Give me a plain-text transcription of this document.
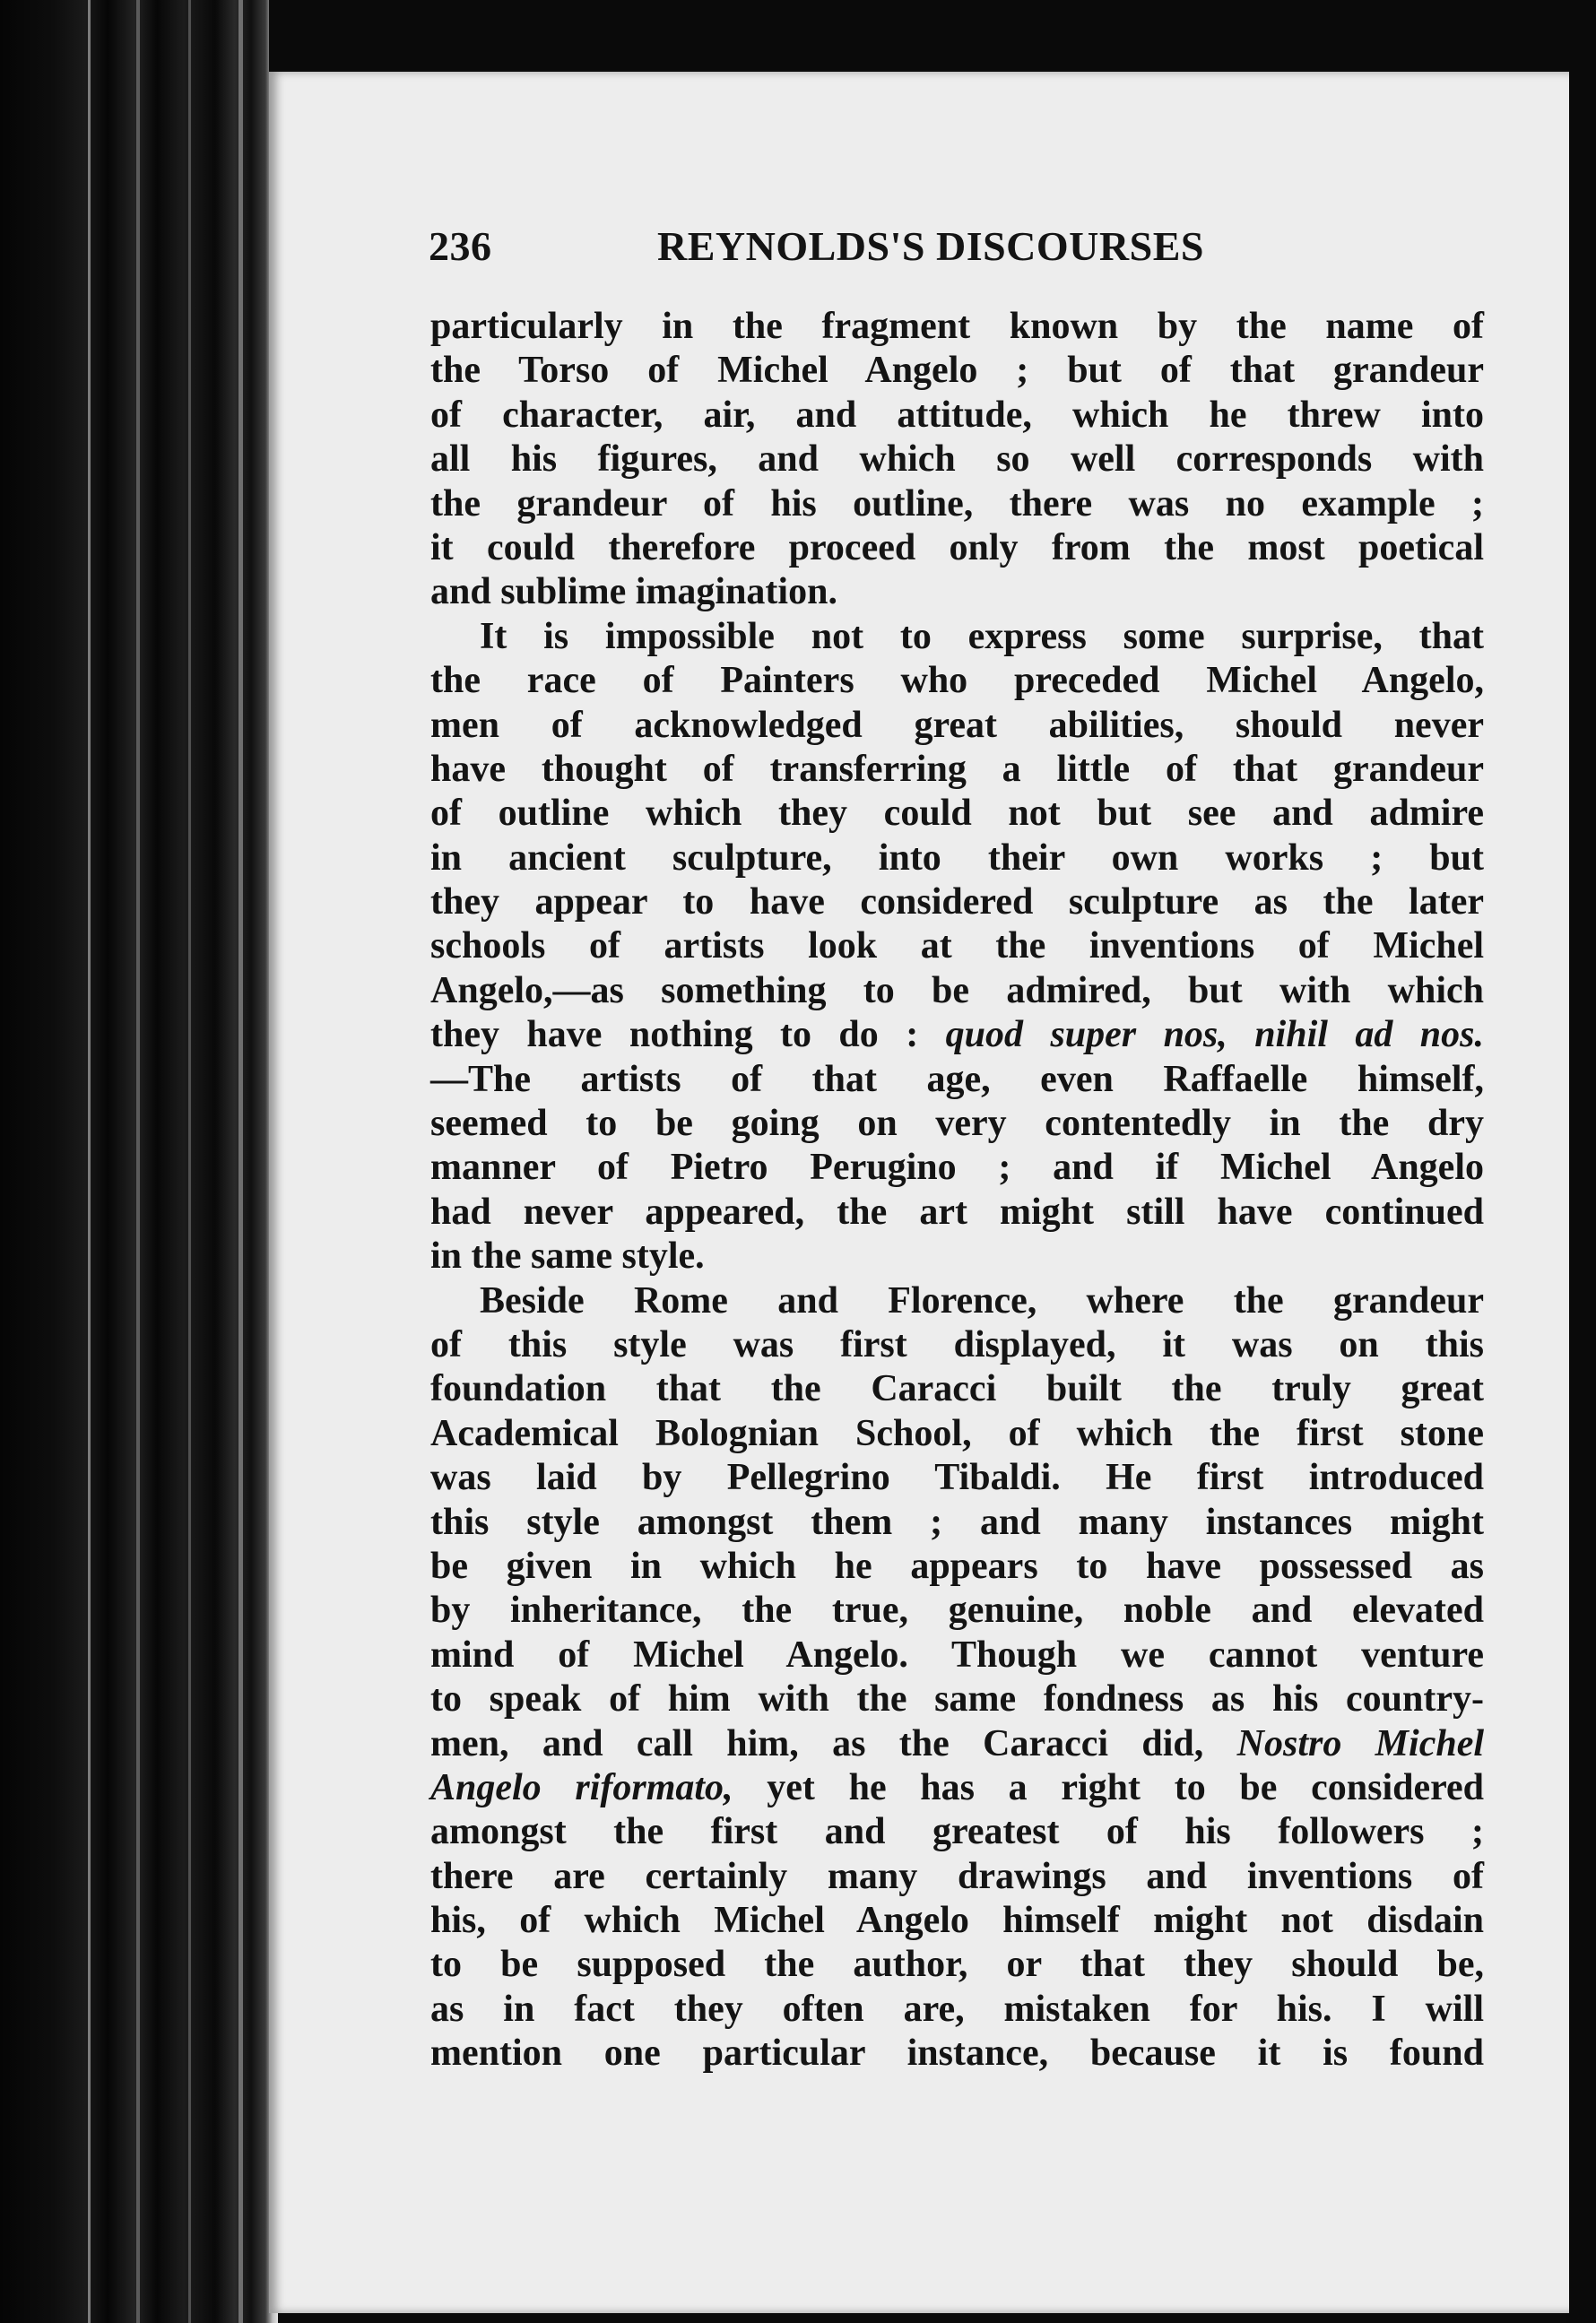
236	REYNOLDS'S DISCOURSES
particularly in the fragment known by the name of
the Torso of Michel Angelo ; but of that grandeur
of character, air, and attitude, which he threw into
all his figures, and which so well corresponds with
the grandeur of his outline, there was no example ;
it could therefore proceed only from the most poetical
and sublime imagination.
It is impossible not to express some surprise, that
the race of Painters who preceded Michel Angelo,
men of acknowledged great abilities, should never
have thought of transferring a little of that grandeur
of outline which they could not but see and admire
in ancient sculpture, into their own works ; but
they appear to have considered sculpture as the later
schools of artists look at the inventions of Michel
Angelo,—as something to be admired, but with which
they have nothing to do : quod super nos, nihil ad nos.
—The artists of that age, even Raffaelle himself,
seemed to be going on very contentedly in the dry
manner of Pietro Perugino ; and if Michel Angelo
had never appeared, the art might still have continued
in the same style.
Beside Rome and Florence, where the grandeur
of this style was first displayed, it was on this
foundation that the Caracci built the truly great
Academical Bolognian School, of which the first stone
was laid by Pellegrino Tibaldi. He first introduced
this style amongst them ; and many instances might
be given in which he appears to have possessed as
by inheritance, the true, genuine, noble and elevated
mind of Michel Angelo. Though we cannot venture
to speak of him with the same fondness as his country-
men, and call him, as the Caracci did, Nostro Michel
Angelo riformato, yet he has a right to be considered
amongst the first and greatest of his followers ;
there are certainly many drawings and inventions of
his, of which Michel Angelo himself might not disdain
to be supposed the author, or that they should be,
as in fact they often are, mistaken for his. I will
mention one particular instance, because it is found
